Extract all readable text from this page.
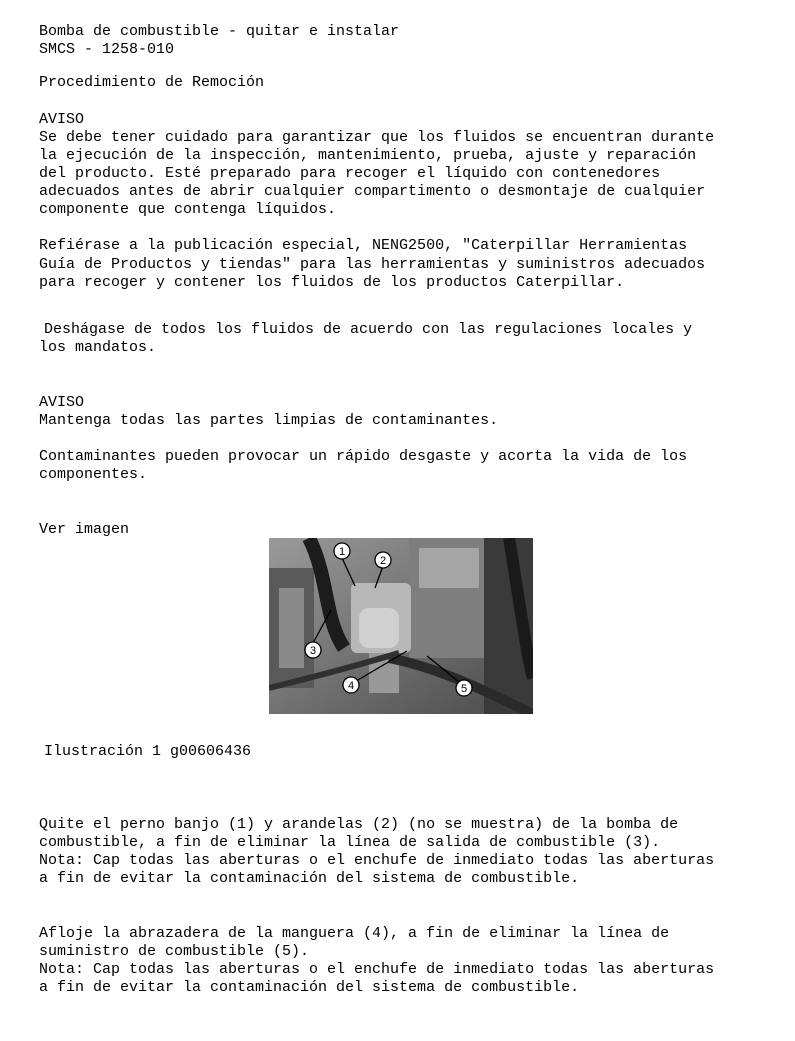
Bomba de combustible - quitar e instalar
SMCS - 1258-010
Procedimiento de Remoción
AVISO
Se debe tener cuidado para garantizar que los fluidos se encuentran durante
la ejecución de la inspección, mantenimiento, prueba, ajuste y reparación
del producto. Esté preparado para recoger el líquido con contenedores
adecuados antes de abrir cualquier compartimento o desmontaje de cualquier
componente que contenga líquidos.
Refiérase a la publicación especial, NENG2500, "Caterpillar Herramientas
Guía de Productos y tiendas" para las herramientas y suministros adecuados
para recoger y contener los fluidos de los productos Caterpillar.
Deshágase de todos los fluidos de acuerdo con las regulaciones locales y
los mandatos.
AVISO
Mantenga todas las partes limpias de contaminantes.
Contaminantes pueden provocar un rápido desgaste y acorta la vida de los
componentes.
Ver imagen
1
2
3
4	5
Ilustración 1 g00606436
Quite el perno banjo (1) y arandelas (2) (no se muestra) de la bomba de
combustible, a fin de eliminar la línea de salida de combustible (3).
Nota: Cap todas las aberturas o el enchufe de inmediato todas las aberturas
a fin de evitar la contaminación del sistema de combustible.
Afloje la abrazadera de la manguera (4), a fin de eliminar la línea de
suministro de combustible (5).
Nota: Cap todas las aberturas o el enchufe de inmediato todas las aberturas
a fin de evitar la contaminación del sistema de combustible.
